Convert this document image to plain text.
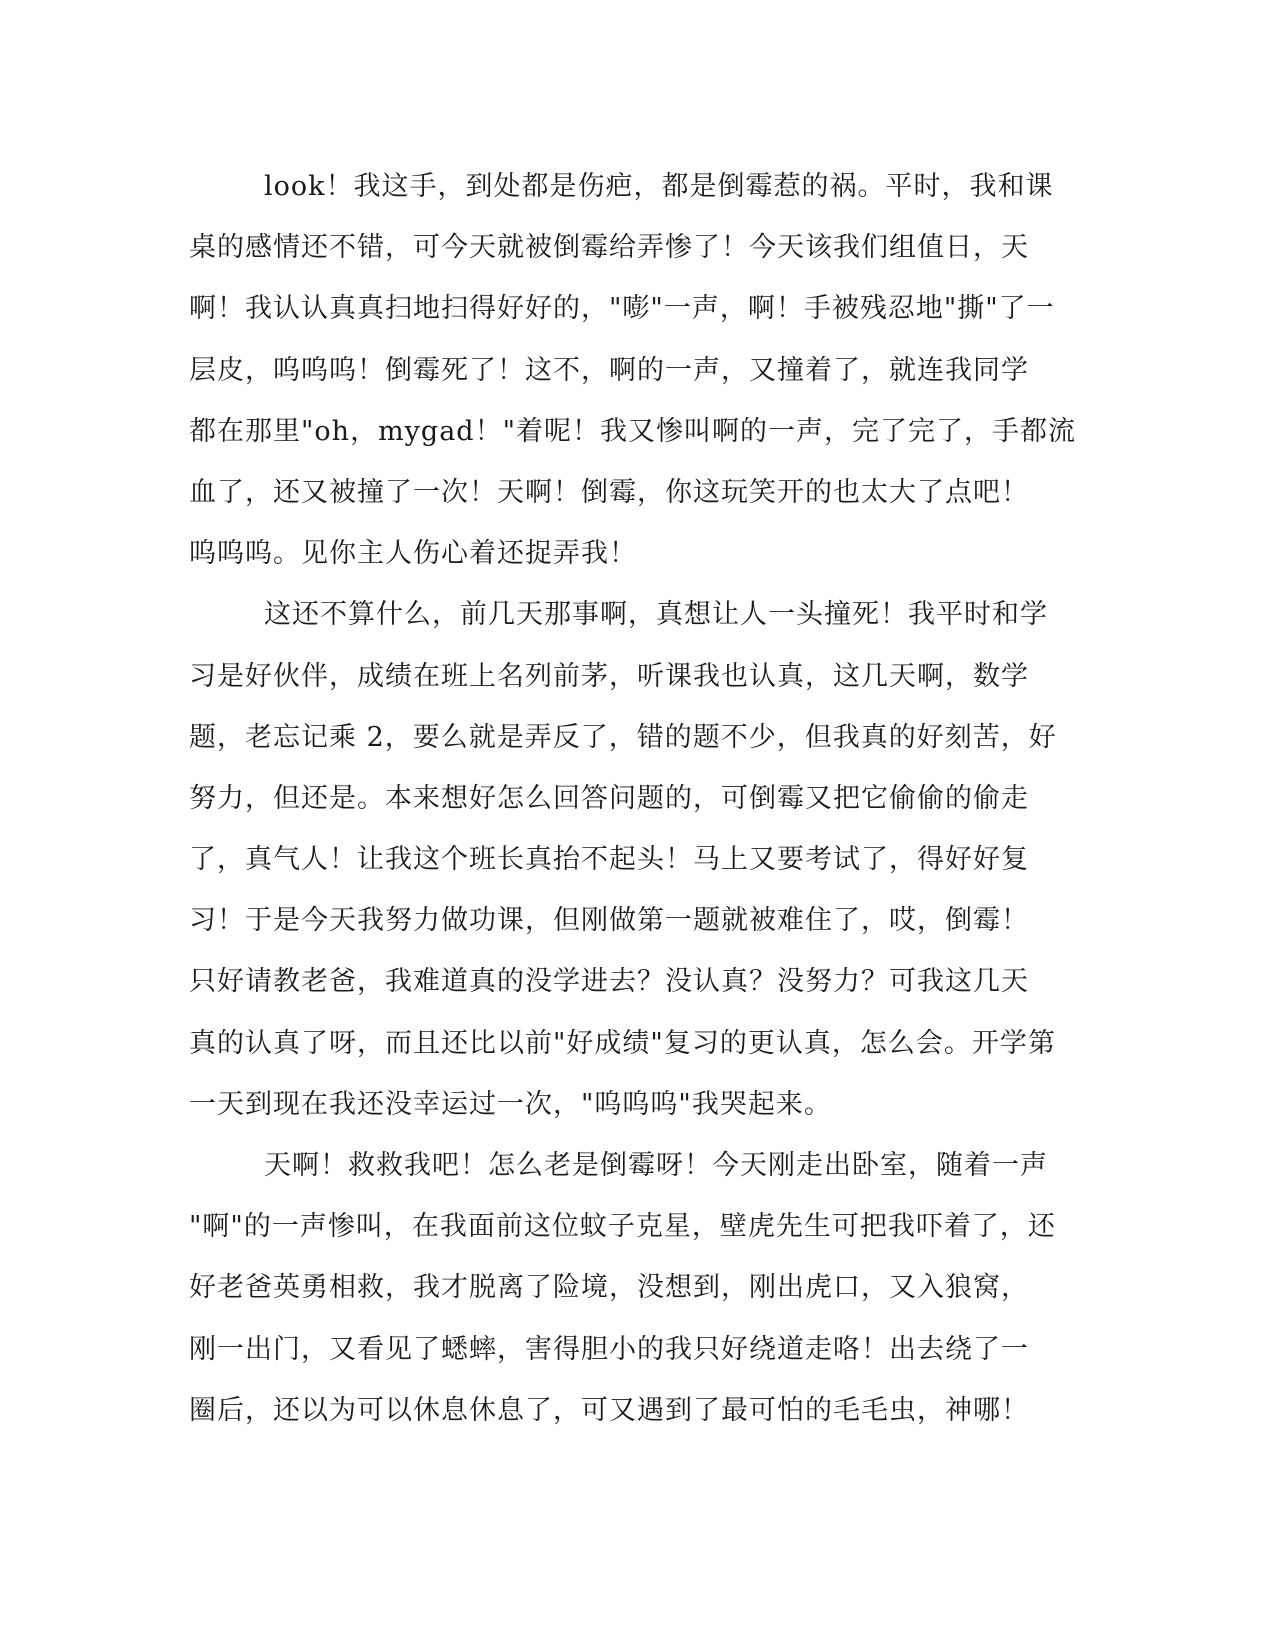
look！我这手，到处都是伤疤，都是倒霉惹的祸。平时，我和课
桌的感情还不错，可今天就被倒霉给弄惨了！今天该我们组值日，天
啊！我认认真真扫地扫得好好的，"嘭"一声，啊！手被残忍地"撕"了一
层皮，呜呜呜！倒霉死了！这不，啊的一声，又撞着了，就连我同学
都在那里"oh，mygad！"着呢！我又惨叫啊的一声，完了完了，手都流
血了，还又被撞了一次！天啊！倒霉，你这玩笑开的也太大了点吧！
呜呜呜。见你主人伤心着还捉弄我！
这还不算什么，前几天那事啊，真想让人一头撞死！我平时和学
习是好伙伴，成绩在班上名列前茅，听课我也认真，这几天啊，数学
题，老忘记乘 2，要么就是弄反了，错的题不少，但我真的好刻苦，好
努力，但还是。本来想好怎么回答问题的，可倒霉又把它偷偷的偷走
了，真气人！让我这个班长真抬不起头！马上又要考试了，得好好复
习！于是今天我努力做功课，但刚做第一题就被难住了，哎，倒霉！
只好请教老爸，我难道真的没学进去？没认真？没努力？可我这几天
真的认真了呀，而且还比以前"好成绩"复习的更认真，怎么会。开学第
一天到现在我还没幸运过一次，"呜呜呜"我哭起来。
天啊！救救我吧！怎么老是倒霉呀！今天刚走出卧室，随着一声
"啊"的一声惨叫，在我面前这位蚊子克星，壁虎先生可把我吓着了，还
好老爸英勇相救，我才脱离了险境，没想到，刚出虎口，又入狼窝，
刚一出门，又看见了蟋蟀，害得胆小的我只好绕道走咯！出去绕了一
圈后，还以为可以休息休息了，可又遇到了最可怕的毛毛虫，神哪！
